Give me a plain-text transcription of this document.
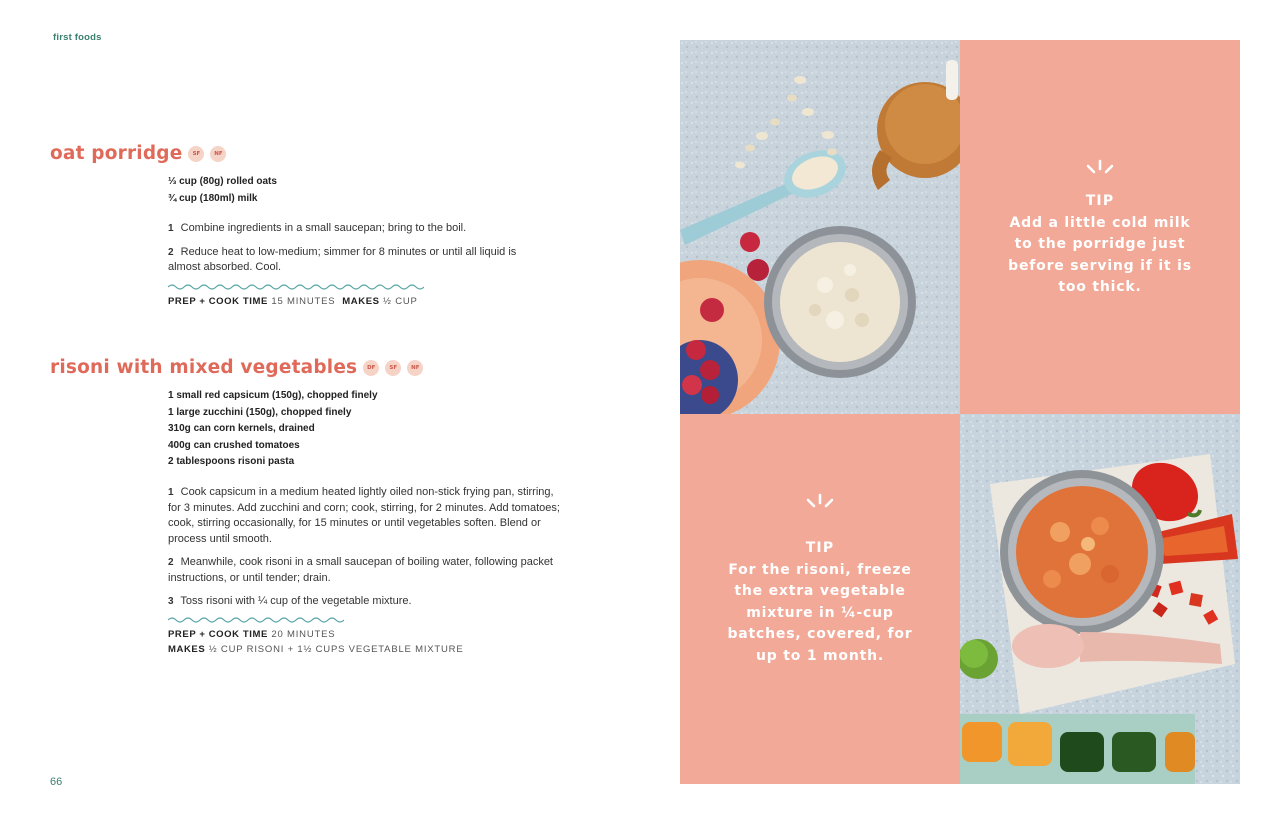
first foods
66
oat porridge	SF	NF
⅓ cup (80g) rolled oats
¾ cup (180ml) milk
1 Combine ingredients in a small saucepan; bring to the boil.
2 Reduce heat to low-medium; simmer for 8 minutes or until all liquid is almost absorbed. Cool.
PREP + COOK TIME 15 MINUTES MAKES ½ CUP
risoni with mixed vegetables	DF	SF	NF
1 small red capsicum (150g), chopped finely
1 large zucchini (150g), chopped finely
310g can corn kernels, drained
400g can crushed tomatoes
2 tablespoons risoni pasta
1 Cook capsicum in a medium heated lightly oiled non-stick frying pan, stirring, for 3 minutes. Add zucchini and corn; cook, stirring, for 2 minutes. Add tomatoes; cook, stirring occasionally, for 15 minutes or until vegetables soften. Blend or process until smooth.
2 Meanwhile, cook risoni in a small saucepan of boiling water, following packet instructions, or until tender; drain.
3 Toss risoni with ¼ cup of the vegetable mixture.
PREP + COOK TIME 20 MINUTES
MAKES ½ CUP RISONI + 1½ CUPS VEGETABLE MIXTURE
TIP
Add a little cold milk to the porridge just before serving if it is too thick.
TIP
For the risoni, freeze the extra vegetable mixture in ¼-cup batches, covered, for up to 1 month.
